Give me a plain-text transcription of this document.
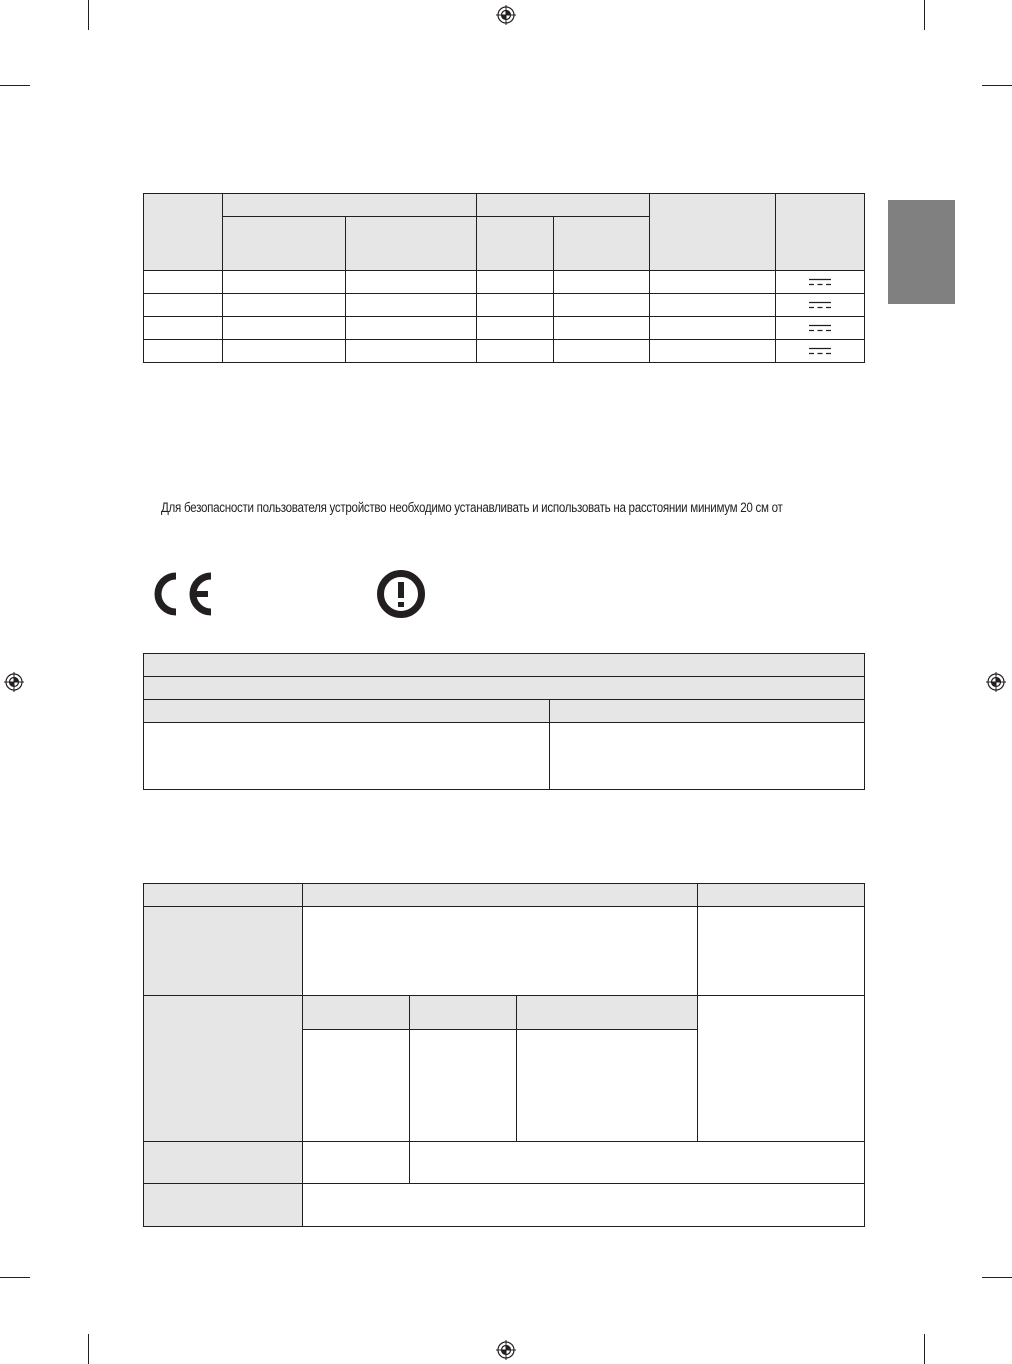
Для безопасности пользователя устройство необходимо устанавливать и использовать на расстоянии минимум 20 см от
